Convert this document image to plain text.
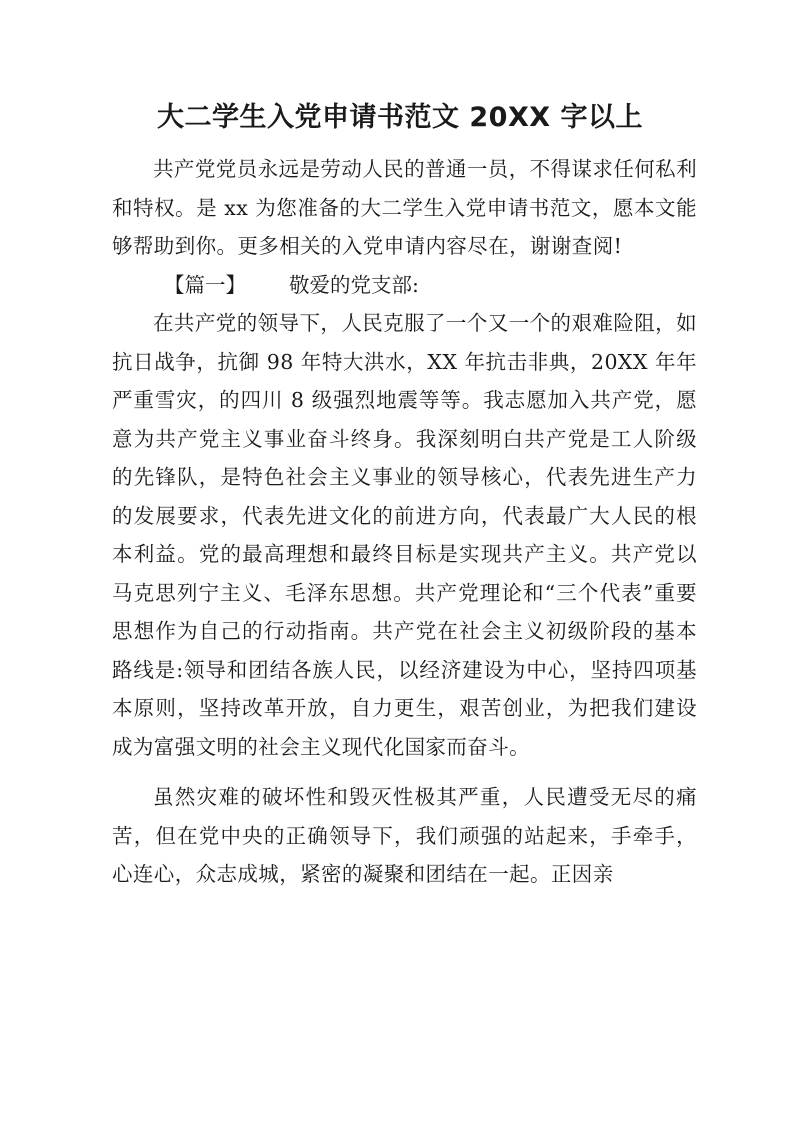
大二学生入党申请书范文 20XX 字以上

共产党党员永远是劳动人民的普通一员，不得谋求任何私利和特权。是 xx 为您准备的大二学生入党申请书范文，愿本文能够帮助到你。更多相关的入党申请内容尽在，谢谢查阅!

【篇一】 敬爱的党支部:

在共产党的领导下，人民克服了一个又一个的艰难险阻，如抗日战争，抗御 98 年特大洪水，XX 年抗击非典，20XX 年年严重雪灾，的四川 8 级强烈地震等等。我志愿加入共产党，愿意为共产党主义事业奋斗终身。我深刻明白共产党是工人阶级的先锋队，是特色社会主义事业的领导核心，代表先进生产力的发展要求，代表先进文化的前进方向，代表最广大人民的根本利益。党的最高理想和最终目标是实现共产主义。共产党以马克思列宁主义、毛泽东思想。共产党理论和“三个代表”重要思想作为自己的行动指南。共产党在社会主义初级阶段的基本路线是:领导和团结各族人民，以经济建设为中心，坚持四项基本原则，坚持改革开放，自力更生，艰苦创业，为把我们建设成为富强文明的社会主义现代化国家而奋斗。

虽然灾难的破坏性和毁灭性极其严重，人民遭受无尽的痛苦，但在党中央的正确领导下，我们顽强的站起来，手牵手，心连心，众志成城，紧密的凝聚和团结在一起。正因亲
